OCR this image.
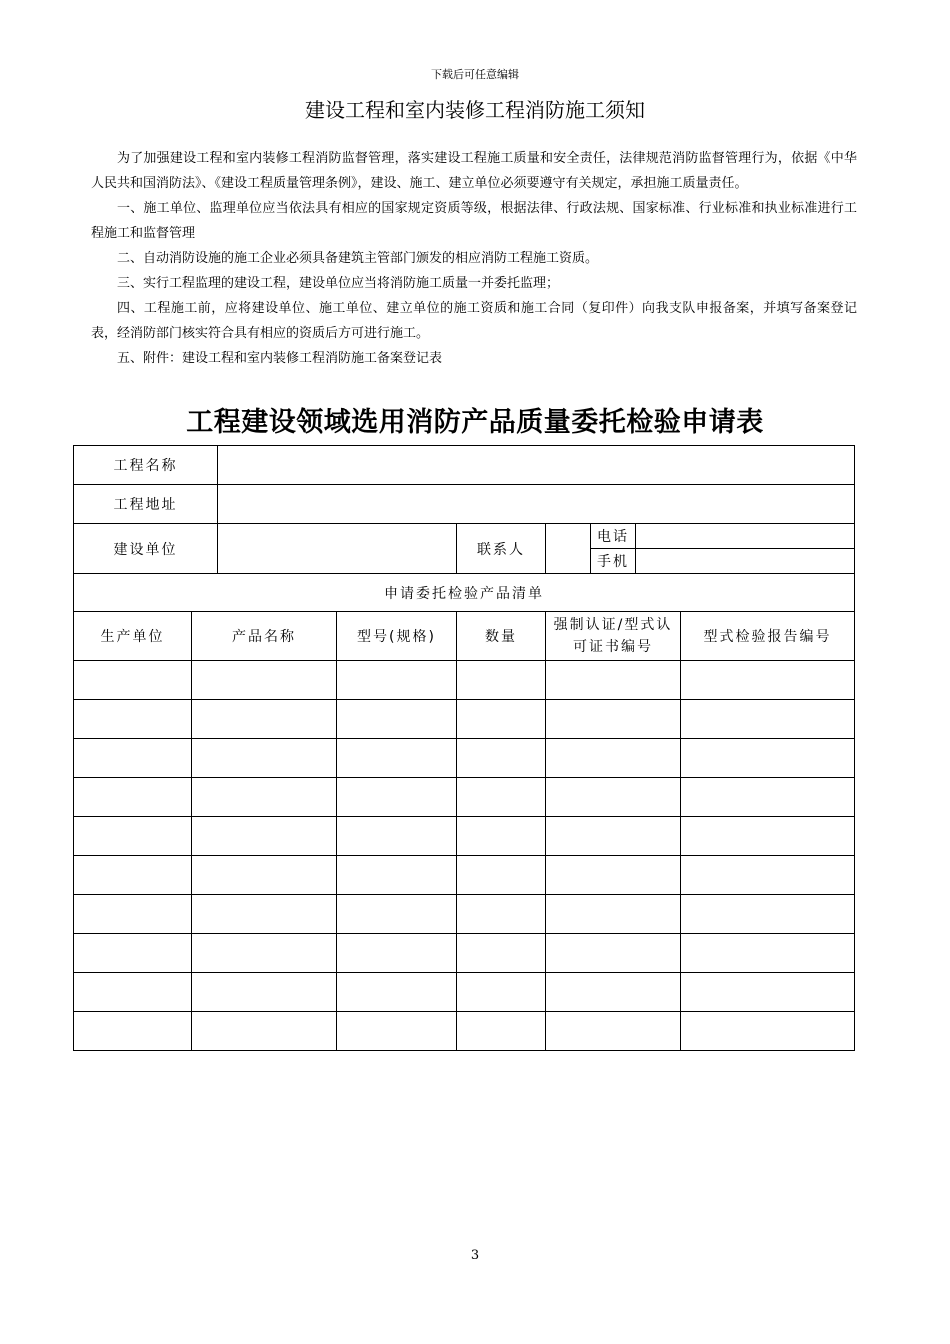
下载后可任意编辑
建设工程和室内装修工程消防施工须知

为了加强建设工程和室内装修工程消防监督管理，落实建设工程施工质量和安全责任，法律规范消防监督管理行为，依据《中华人民共和国消防法》、《建设工程质量管理条例》，建设、施工、建立单位必须要遵守有关规定，承担施工质量责任。

一、施工单位、监理单位应当依法具有相应的国家规定资质等级，根据法律、行政法规、国家标准、行业标准和执业标准进行工程施工和监督管理

二、自动消防设施的施工企业必须具备建筑主管部门颁发的相应消防工程施工资质。

三、实行工程监理的建设工程，建设单位应当将消防施工质量一并委托监理；

四、工程施工前，应将建设单位、施工单位、建立单位的施工资质和施工合同（复印件）向我支队申报备案，并填写备案登记表，经消防部门核实符合具有相应的资质后方可进行施工。

五、附件：建设工程和室内装修工程消防施工备案登记表

工程建设领域选用消防产品质量委托检验申请表
工程名称								
工程地址								
建设单位				联系人		电话		
						手机		
申请委托检验产品清单								
生产单位	产品名称		型号(规格)	数量	强制认证/型式认可证书编号			型式检验报告编号

3
